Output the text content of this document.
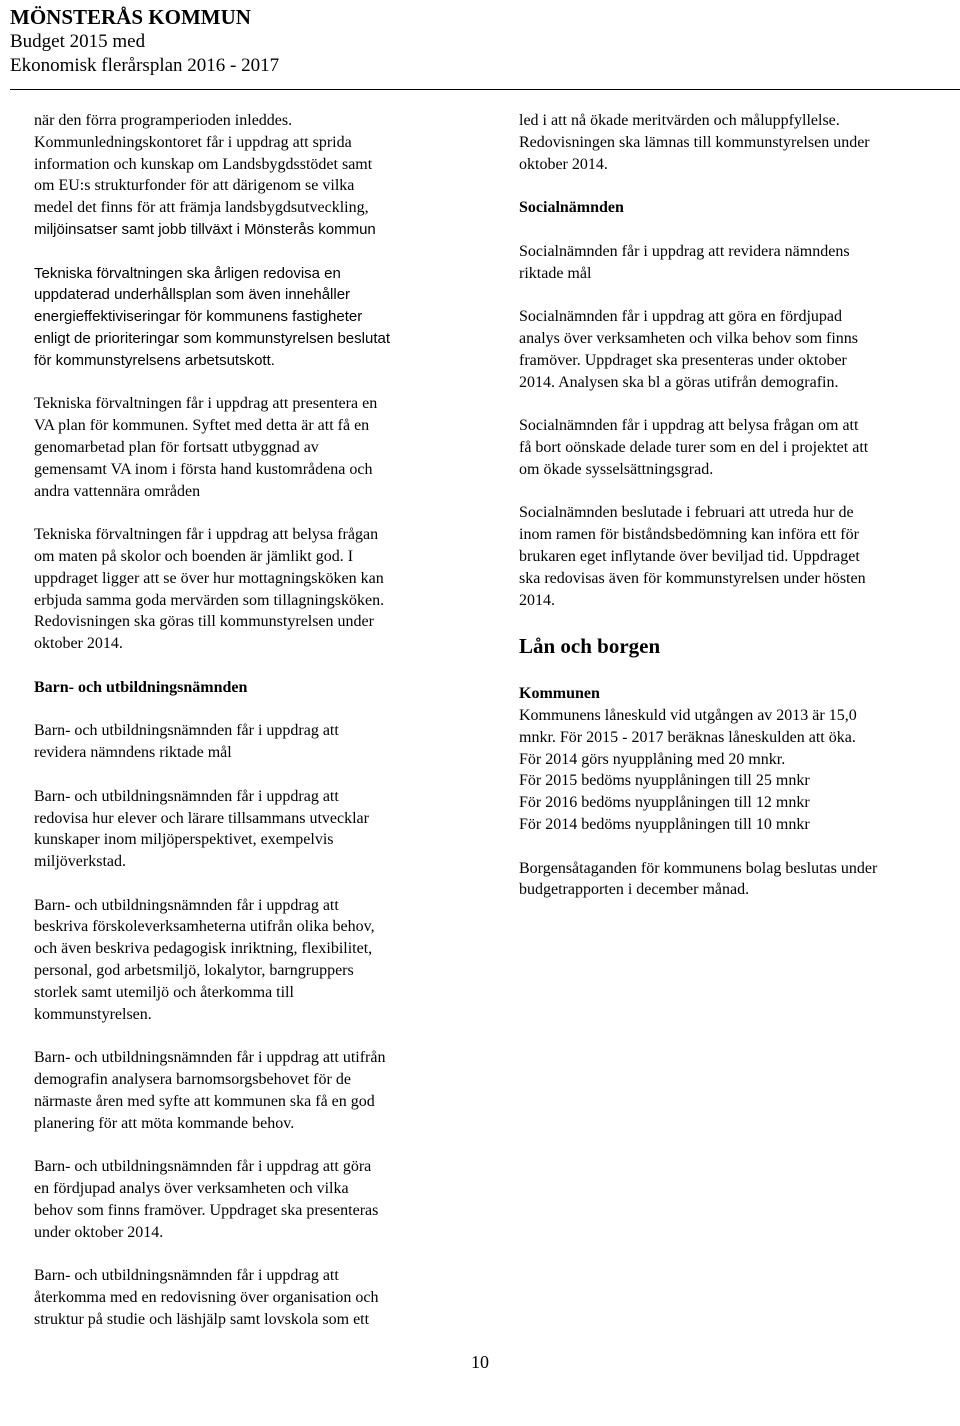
MÖNSTERÅS KOMMUN
Budget 2015 med
Ekonomisk flerårsplan 2016 - 2017

när den förra programperioden inleddes.
Kommunledningskontoret får i uppdrag att sprida
information och kunskap om Landsbygdsstödet samt
om EU:s strukturfonder för att därigenom se vilka
medel det finns för att främja landsbygdsutveckling,
miljöinsatser samt jobb tillväxt i Mönsterås kommun

Tekniska förvaltningen ska årligen redovisa en
uppdaterad underhållsplan som även innehåller
energieffektiviseringar för kommunens fastigheter
enligt de prioriteringar som kommunstyrelsen beslutat
för kommunstyrelsens arbetsutskott.

Tekniska förvaltningen får i uppdrag att presentera en
VA plan för kommunen. Syftet med detta är att få en
genomarbetad plan för fortsatt utbyggnad av
gemensamt VA inom i första hand kustområdena och
andra vattennära områden

Tekniska förvaltningen får i uppdrag att belysa frågan
om maten på skolor och boenden är jämlikt god. I
uppdraget ligger att se över hur mottagningsköken kan
erbjuda samma goda mervärden som tillagningsköken.
Redovisningen ska göras till kommunstyrelsen under
oktober 2014.

Barn- och utbildningsnämnden

Barn- och utbildningsnämnden får i uppdrag att
revidera nämndens riktade mål

Barn- och utbildningsnämnden får i uppdrag att
redovisa hur elever och lärare tillsammans utvecklar
kunskaper inom miljöperspektivet, exempelvis
miljöverkstad.

Barn- och utbildningsnämnden får i uppdrag att
beskriva förskoleverksamheterna utifrån olika behov,
och även beskriva pedagogisk inriktning, flexibilitet,
personal, god arbetsmiljö, lokalytor, barngruppers
storlek samt utemiljö och återkomma till
kommunstyrelsen.

Barn- och utbildningsnämnden får i uppdrag att utifrån
demografin analysera barnomsorgsbehovet för de
närmaste åren med syfte att kommunen ska få en god
planering för att möta kommande behov.

Barn- och utbildningsnämnden får i uppdrag att göra
en fördjupad analys över verksamheten och vilka
behov som finns framöver. Uppdraget ska presenteras
under oktober 2014.

Barn- och utbildningsnämnden får i uppdrag att
återkomma med en redovisning över organisation och
struktur på studie och läshjälp samt lovskola som ett

led i att nå ökade meritvärden och måluppfyllelse.
Redovisningen ska lämnas till kommunstyrelsen under
oktober 2014.

Socialnämnden

Socialnämnden får i uppdrag att revidera nämndens
riktade mål

Socialnämnden får i uppdrag att göra en fördjupad
analys över verksamheten och vilka behov som finns
framöver. Uppdraget ska presenteras under oktober
2014. Analysen ska bl a göras utifrån demografin.

Socialnämnden får i uppdrag att belysa frågan om att
få bort oönskade delade turer som en del i projektet att
om ökade sysselsättningsgrad.

Socialnämnden beslutade i februari att utreda hur de
inom ramen för biståndsbedömning kan införa ett för
brukaren eget inflytande över beviljad tid. Uppdraget
ska redovisas även för kommunstyrelsen under hösten
2014.

Lån och borgen

Kommunen

Kommunens låneskuld vid utgången av 2013 är 15,0
mnkr. För 2015 - 2017 beräknas låneskulden att öka.
För 2014 görs nyupplåning med 20 mnkr.
För 2015 bedöms nyupplåningen till 25 mnkr
För 2016 bedöms nyupplåningen till 12 mnkr
För 2014 bedöms nyupplåningen till 10 mnkr

Borgensåtaganden för kommunens bolag beslutas under
budgetrapporten i december månad.

10
